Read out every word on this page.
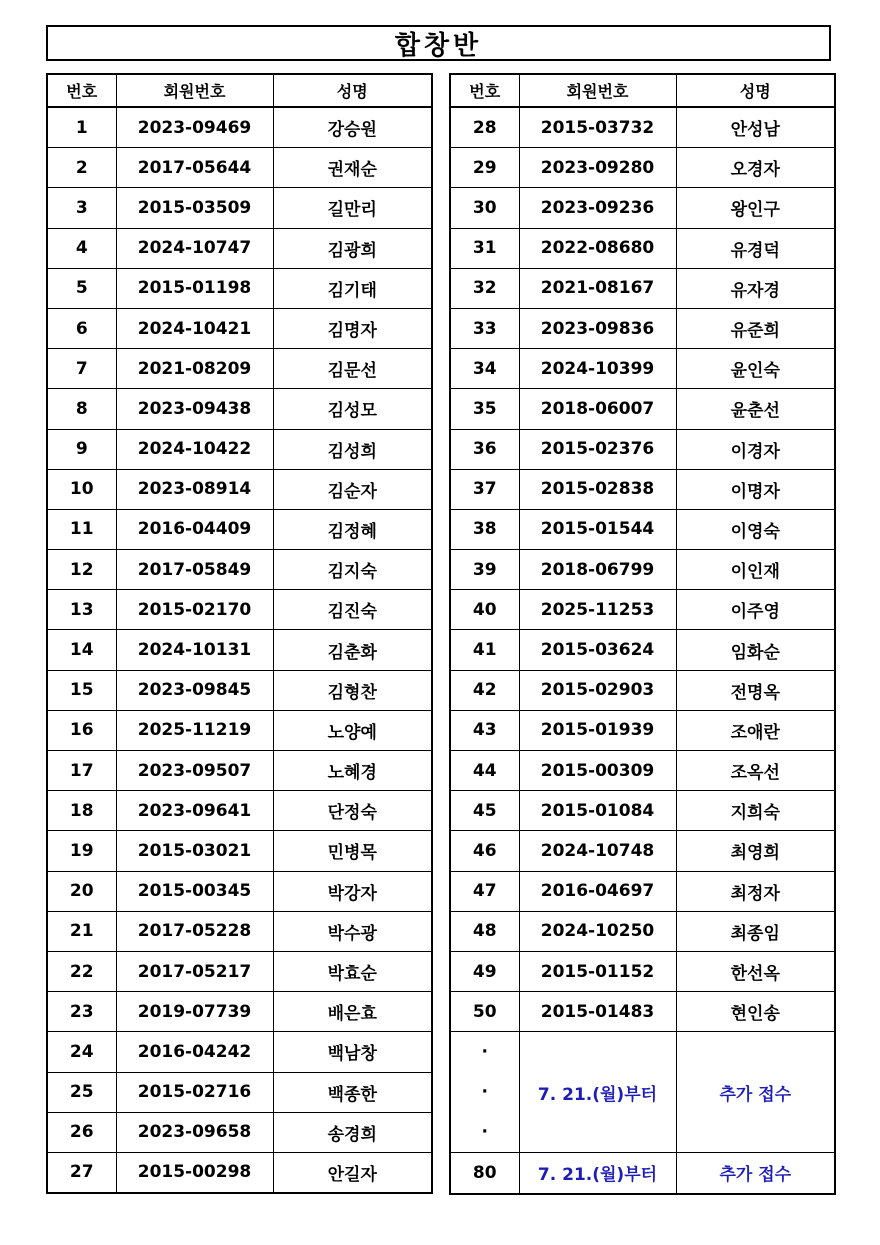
합창반
번호	회원번호	성명
1	2023-09469	강승원
2	2017-05644	권재순
3	2015-03509	길만리
4	2024-10747	김광희
5	2015-01198	김기태
6	2024-10421	김명자
7	2021-08209	김문선
8	2023-09438	김성모
9	2024-10422	김성희
10	2023-08914	김순자
11	2016-04409	김정혜
12	2017-05849	김지숙
13	2015-02170	김진숙
14	2024-10131	김춘화
15	2023-09845	김형찬
16	2025-11219	노양예
17	2023-09507	노혜경
18	2023-09641	단정숙
19	2015-03021	민병목
20	2015-00345	박강자
21	2017-05228	박수광
22	2017-05217	박효순
23	2019-07739	배은효
24	2016-04242	백남창
25	2015-02716	백종한
26	2023-09658	송경희
27	2015-00298	안길자
번호	회원번호	성명
28	2015-03732	안성남
29	2023-09280	오경자
30	2023-09236	왕인구
31	2022-08680	유경덕
32	2021-08167	유자경
33	2023-09836	유준희
34	2024-10399	윤인숙
35	2018-06007	윤춘선
36	2015-02376	이경자
37	2015-02838	이명자
38	2015-01544	이영숙
39	2018-06799	이인재
40	2025-11253	이주영
41	2015-03624	임화순
42	2015-02903	전명옥
43	2015-01939	조애란
44	2015-00309	조옥선
45	2015-01084	지희숙
46	2024-10748	최영희
47	2016-04697	최정자
48	2024-10250	최종임
49	2015-01152	한선옥
50	2015-01483	현인송

·
·
·	7. 21.(월)부터	추가 접수

80	7. 21.(월)부터	추가 접수
